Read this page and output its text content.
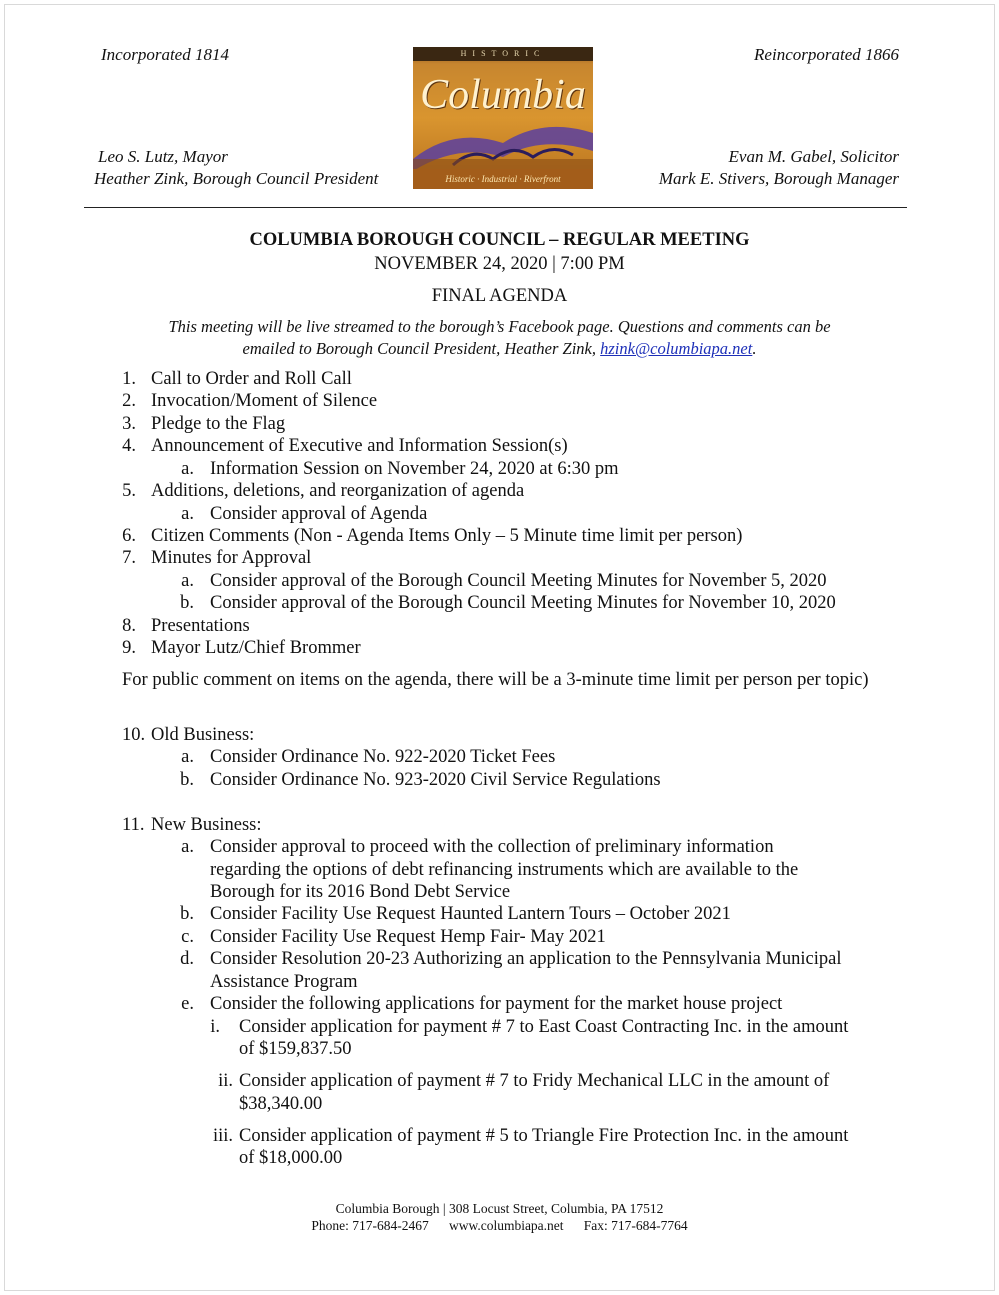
Incorporated 1814	Reincorporated 1866
Leo S. Lutz, Mayor
Heather Zink, Borough Council President
Evan M. Gabel, Solicitor
Mark E. Stivers, Borough Manager
HISTORIC
Columbia
Historic · Industrial · Riverfront
COLUMBIA BOROUGH COUNCIL – REGULAR MEETING
NOVEMBER 24, 2020 | 7:00 PM
FINAL AGENDA
This meeting will be live streamed to the borough’s Facebook page. Questions and comments can be
emailed to Borough Council President, Heather Zink, hzink@columbiapa.net.
1. Call to Order and Roll Call
2. Invocation/Moment of Silence
3. Pledge to the Flag
4. Announcement of Executive and Information Session(s)
a. Information Session on November 24, 2020 at 6:30 pm
5. Additions, deletions, and reorganization of agenda
a. Consider approval of Agenda
6. Citizen Comments (Non - Agenda Items Only – 5 Minute time limit per person)
7. Minutes for Approval
a. Consider approval of the Borough Council Meeting Minutes for November 5, 2020
b. Consider approval of the Borough Council Meeting Minutes for November 10, 2020
8. Presentations
9. Mayor Lutz/Chief Brommer
For public comment on items on the agenda, there will be a 3-minute time limit per person per topic)
10. Old Business:
a. Consider Ordinance No. 922-2020 Ticket Fees
b. Consider Ordinance No. 923-2020 Civil Service Regulations
11. New Business:
a. Consider approval to proceed with the collection of preliminary information
regarding the options of debt refinancing instruments which are available to the
Borough for its 2016 Bond Debt Service
b. Consider Facility Use Request Haunted Lantern Tours – October 2021
c. Consider Facility Use Request Hemp Fair- May 2021
d. Consider Resolution 20-23 Authorizing an application to the Pennsylvania Municipal
Assistance Program
e. Consider the following applications for payment for the market house project
i. Consider application for payment # 7 to East Coast Contracting Inc. in the amount
of $159,837.50
ii. Consider application of payment # 7 to Fridy Mechanical LLC in the amount of
$38,340.00
iii. Consider application of payment # 5 to Triangle Fire Protection Inc. in the amount
of $18,000.00
Columbia Borough | 308 Locust Street, Columbia, PA 17512
Phone: 717-684-2467 www.columbiapa.net Fax: 717-684-7764
